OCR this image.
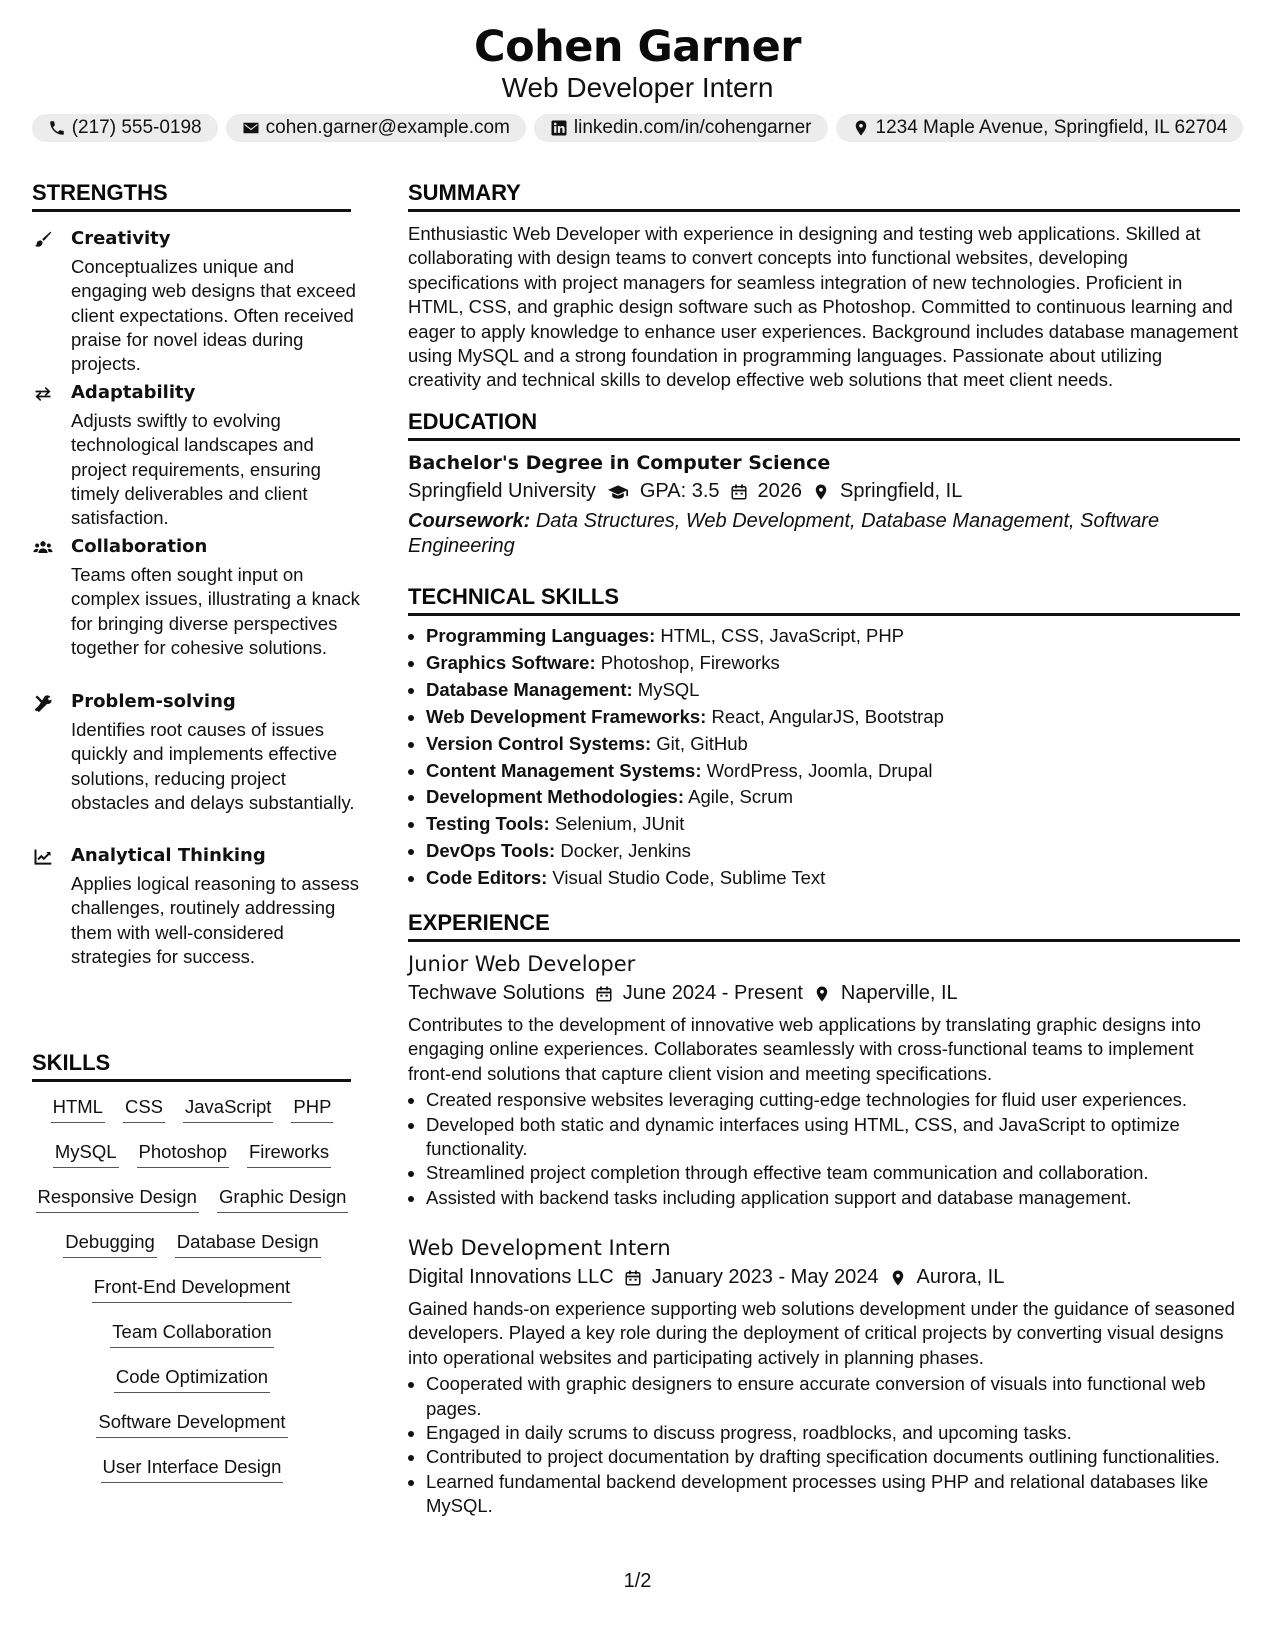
Cohen Garner
Web Developer Intern
(217) 555-0198	cohen.garner@example.com	linkedin.com/in/cohengarner	1234 Maple Avenue, Springfield, IL 62704
STRENGTHS
Creativity
Conceptualizes unique and engaging web designs that exceed client expectations. Often received praise for novel ideas during projects.
Adaptability
Adjusts swiftly to evolving technological landscapes and project requirements, ensuring timely deliverables and client satisfaction.
Collaboration
Teams often sought input on complex issues, illustrating a knack for bringing diverse perspectives together for cohesive solutions.
Problem-solving
Identifies root causes of issues quickly and implements effective solutions, reducing project obstacles and delays substantially.
Analytical Thinking
Applies logical reasoning to assess challenges, routinely addressing them with well-considered strategies for success.
SKILLS
HTML CSS JavaScript PHP
MySQL Photoshop Fireworks
Responsive Design Graphic Design
Debugging Database Design
Front-End Development
Team Collaboration
Code Optimization
Software Development
User Interface Design
SUMMARY
Enthusiastic Web Developer with experience in designing and testing web applications. Skilled at collaborating with design teams to convert concepts into functional websites, developing specifications with project managers for seamless integration of new technologies. Proficient in HTML, CSS, and graphic design software such as Photoshop. Committed to continuous learning and eager to apply knowledge to enhance user experiences. Background includes database management using MySQL and a strong foundation in programming languages. Passionate about utilizing creativity and technical skills to develop effective web solutions that meet client needs.
EDUCATION
Bachelor's Degree in Computer Science
Springfield University GPA: 3.5 2026 Springfield, IL
Coursework: Data Structures, Web Development, Database Management, Software Engineering
TECHNICAL SKILLS
• Programming Languages: HTML, CSS, JavaScript, PHP
• Graphics Software: Photoshop, Fireworks
• Database Management: MySQL
• Web Development Frameworks: React, AngularJS, Bootstrap
• Version Control Systems: Git, GitHub
• Content Management Systems: WordPress, Joomla, Drupal
• Development Methodologies: Agile, Scrum
• Testing Tools: Selenium, JUnit
• DevOps Tools: Docker, Jenkins
• Code Editors: Visual Studio Code, Sublime Text
EXPERIENCE
Junior Web Developer
Techwave Solutions June 2024 - Present Naperville, IL
Contributes to the development of innovative web applications by translating graphic designs into engaging online experiences. Collaborates seamlessly with cross-functional teams to implement front-end solutions that capture client vision and meeting specifications.
• Created responsive websites leveraging cutting-edge technologies for fluid user experiences.
• Developed both static and dynamic interfaces using HTML, CSS, and JavaScript to optimize functionality.
• Streamlined project completion through effective team communication and collaboration.
• Assisted with backend tasks including application support and database management.
Web Development Intern
Digital Innovations LLC January 2023 - May 2024 Aurora, IL
Gained hands-on experience supporting web solutions development under the guidance of seasoned developers. Played a key role during the deployment of critical projects by converting visual designs into operational websites and participating actively in planning phases.
• Cooperated with graphic designers to ensure accurate conversion of visuals into functional web pages.
• Engaged in daily scrums to discuss progress, roadblocks, and upcoming tasks.
• Contributed to project documentation by drafting specification documents outlining functionalities.
• Learned fundamental backend development processes using PHP and relational databases like MySQL.
1/2
